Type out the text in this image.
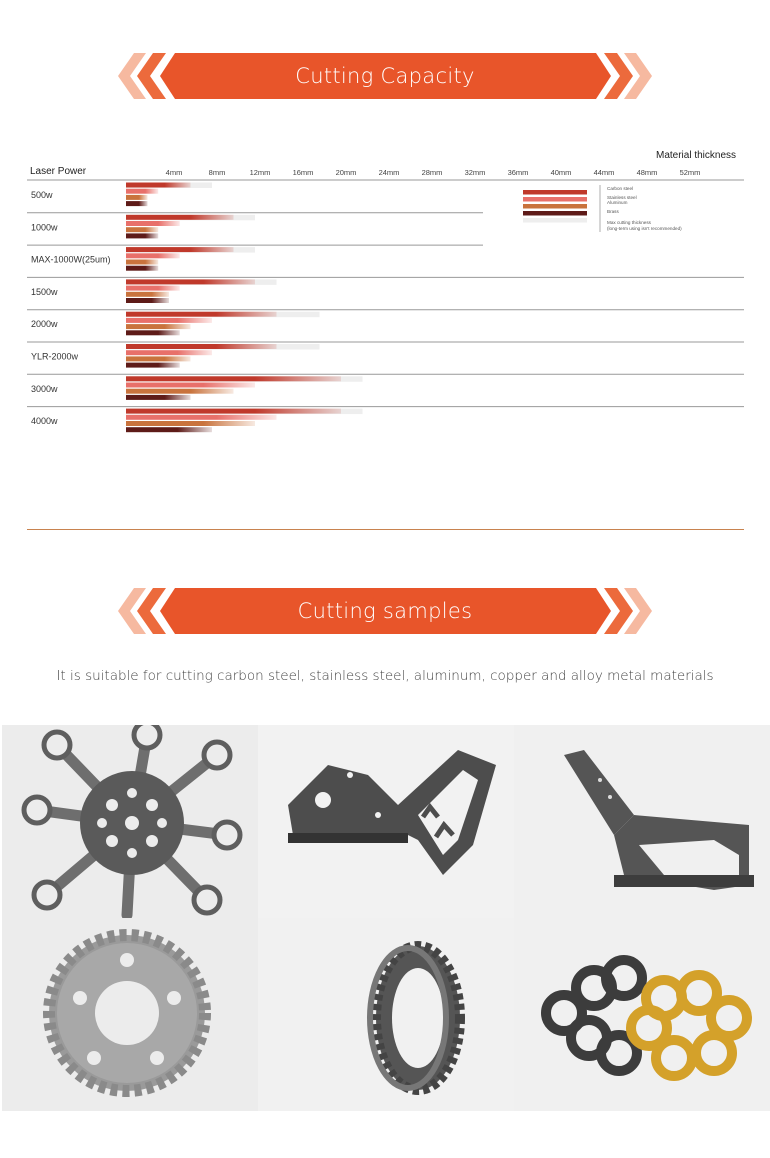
Cutting Capacity
Material thickness
Laser Power	4mm	8mm	12mm	16mm	20mm	24mm	28mm	32mm	36mm	40mm	44mm	48mm	52mm
500w
1000w
MAX-1000W(25um)
1500w
2000w
YLR-2000w
3000w
4000w
Carbon steel
Stainless steel
Aluminum
Brass
Max cutting thickness
(long-term using isn't recommended)
Cutting samples
It is suitable for cutting carbon steel, stainless steel, aluminum, copper and alloy metal materials
